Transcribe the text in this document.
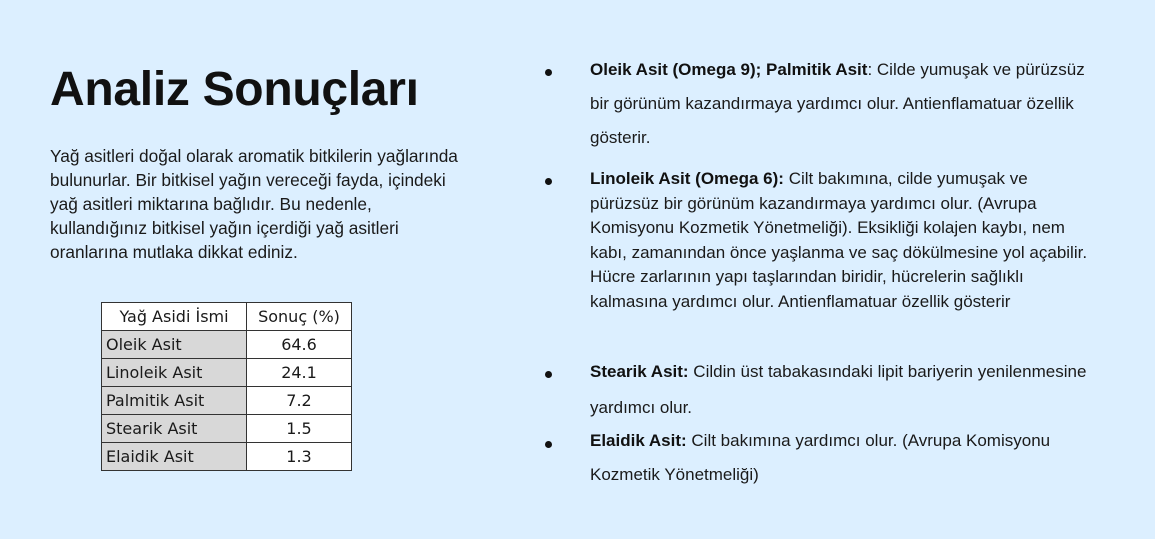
Analiz Sonuçları

Yağ asitleri doğal olarak aromatik bitkilerin yağlarında bulunurlar. Bir bitkisel yağın vereceği fayda, içindeki yağ asitleri miktarına bağlıdır. Bu nedenle, kullandığınız bitkisel yağın içerdiği yağ asitleri oranlarına mutlaka dikkat ediniz.

Yağ Asidi İsmi	Sonuç (%)
Oleik Asit	64.6
Linoleik Asit	24.1
Palmitik Asit	7.2
Stearik Asit	1.5
Elaidik Asit	1.3
Oleik Asit (Omega 9); Palmitik Asit: Cilde yumuşak ve pürüzsüz bir görünüm kazandırmaya yardımcı olur. Antienflamatuar özellik gösterir.
Linoleik Asit (Omega 6): Cilt bakımına, cilde yumuşak ve pürüzsüz bir görünüm kazandırmaya yardımcı olur. (Avrupa Komisyonu Kozmetik Yönetmeliği). Eksikliği kolajen kaybı, nem kabı, zamanından önce yaşlanma ve saç dökülmesine yol açabilir. Hücre zarlarının yapı taşlarından biridir, hücrelerin sağlıklı kalmasına yardımcı olur. Antienflamatuar özellik gösterir
Stearik Asit: Cildin üst tabakasındaki lipit bariyerin yenilenmesine yardımcı olur.
Elaidik Asit: Cilt bakımına yardımcı olur. (Avrupa Komisyonu Kozmetik Yönetmeliği)
